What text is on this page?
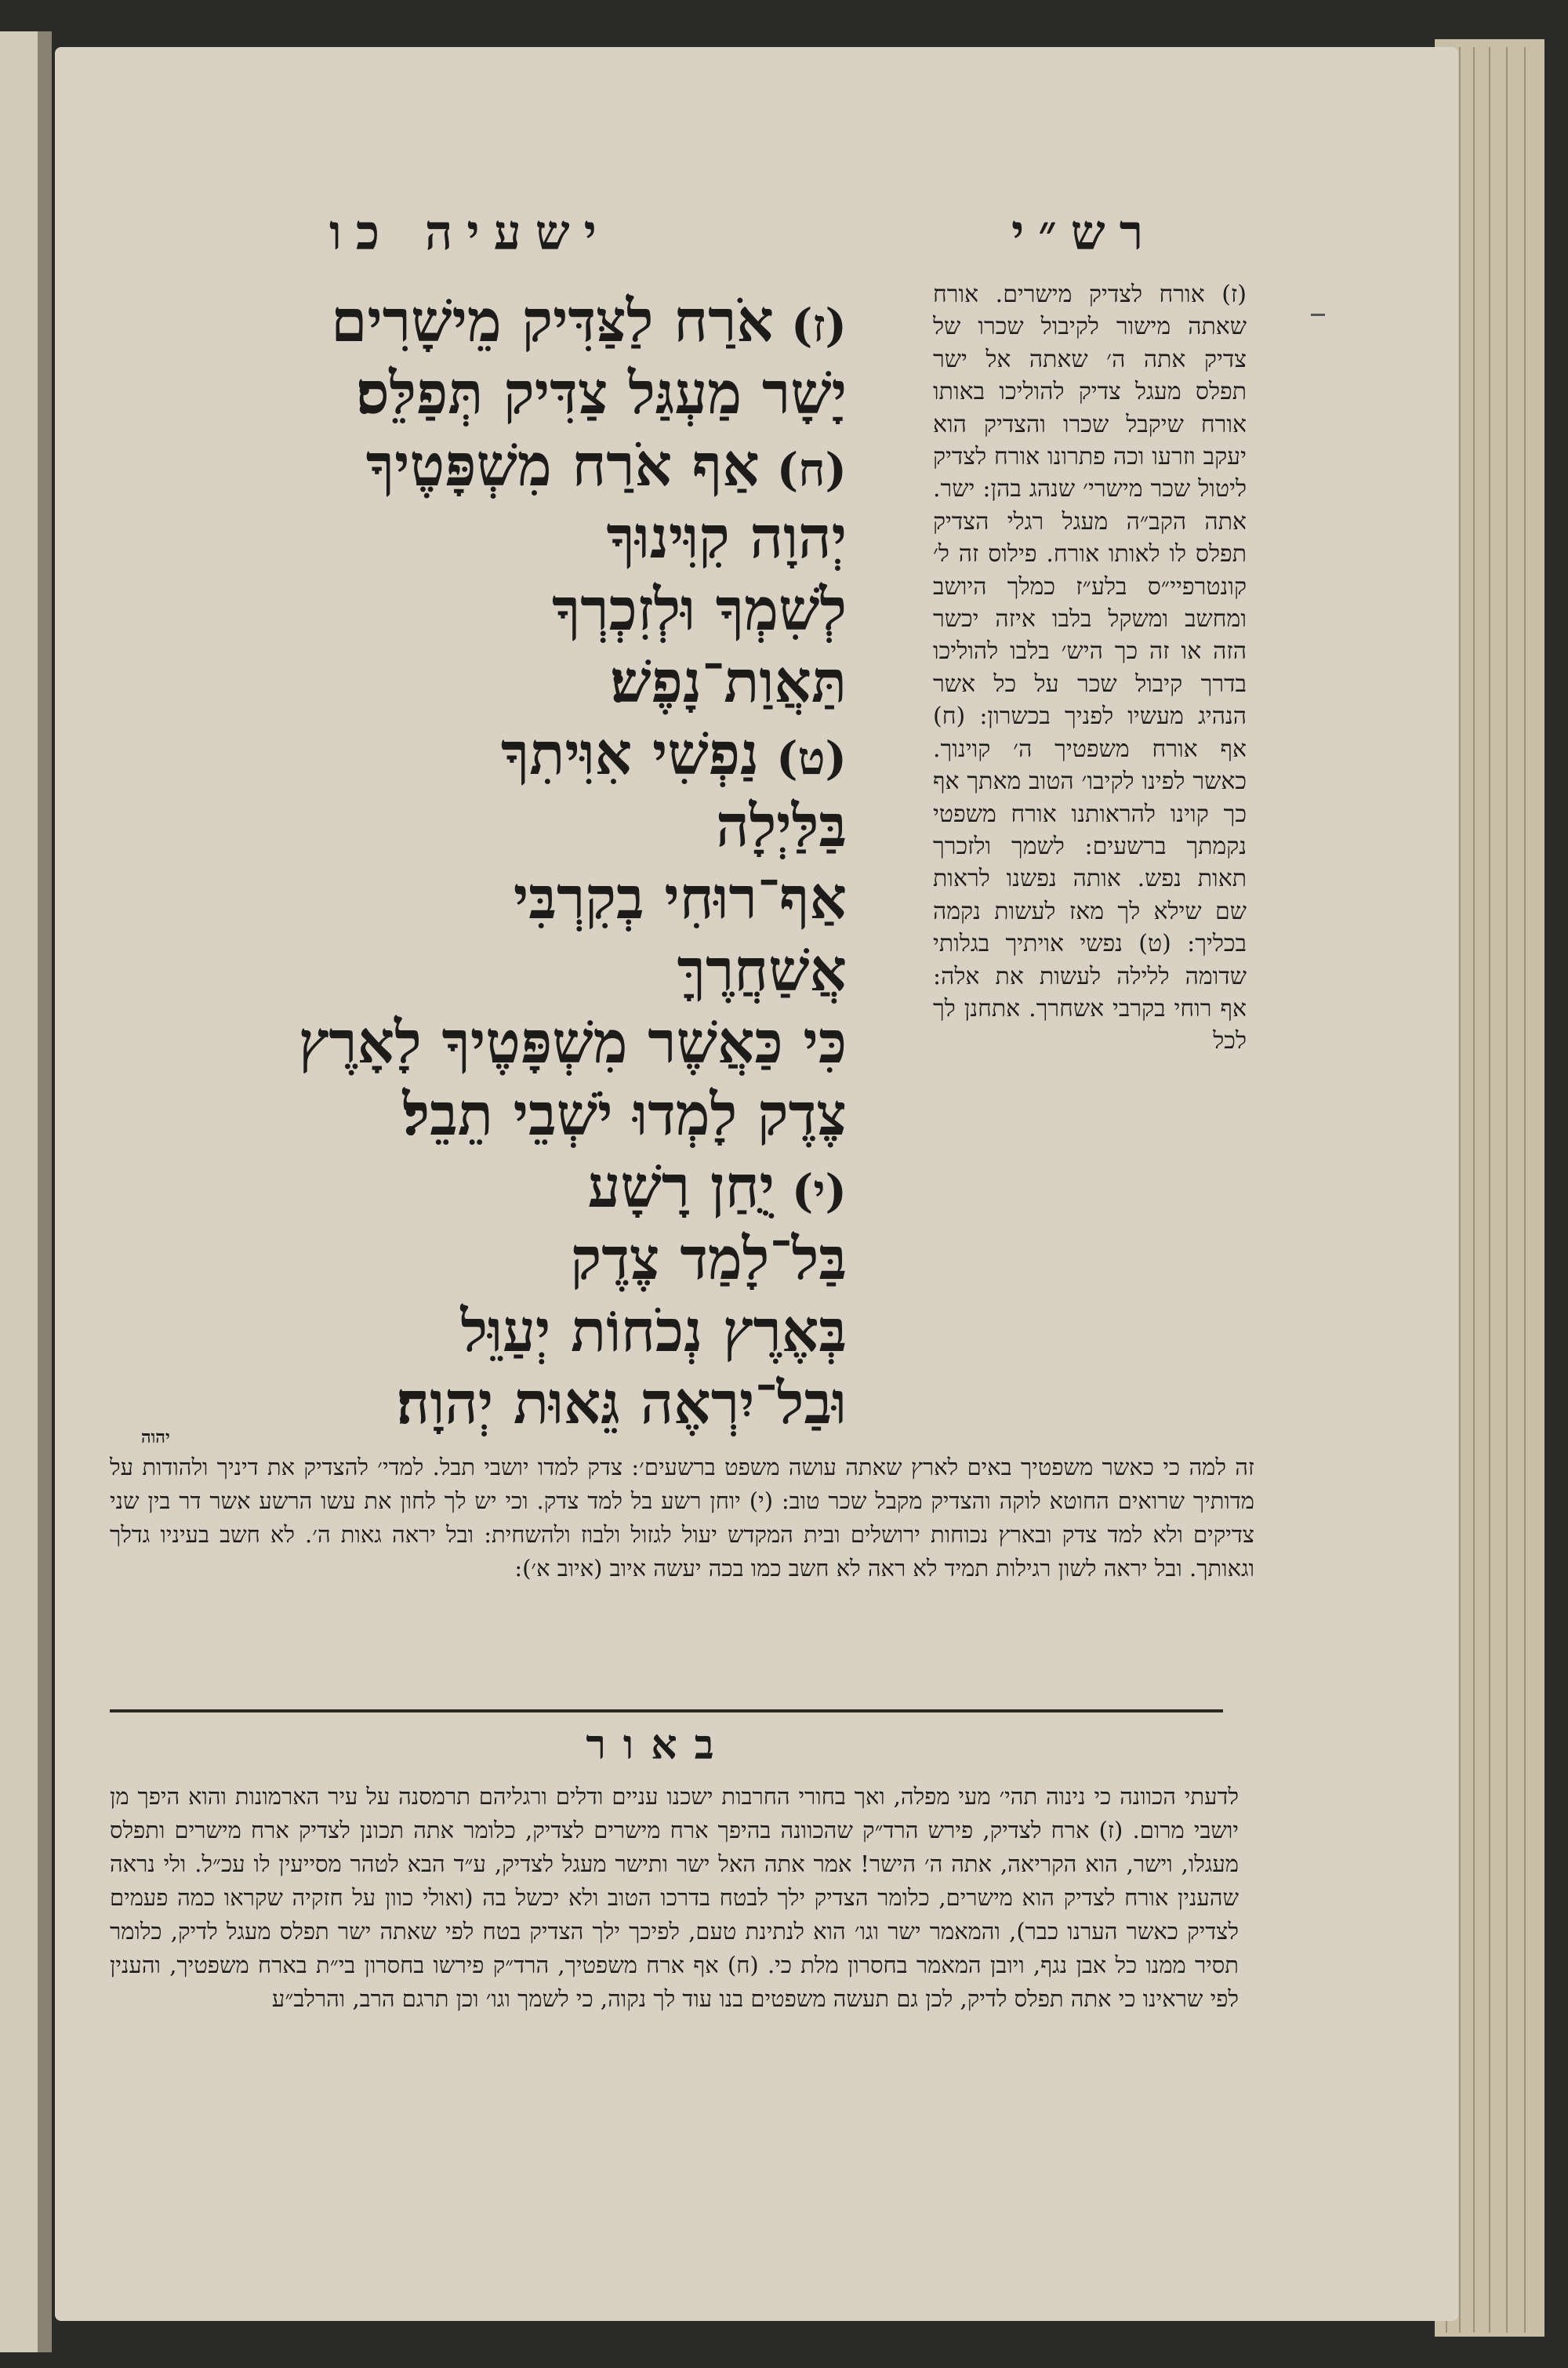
רש״י
ישעיה כו
(ז)אֹרַח לַצַּדִּיק מֵישָׁרִים
יָשָׁר מַעְגַּל צַדִּיק תְּפַלֵּס׃
(ח)אַף אֹרַח מִשְׁפָּטֶיךָ
יְהוָה קִוִּינוּךָ
לְשִׁמְךָ וּלְזִכְרְךָ
תַּאֲוַת־נָפֶשׁ׃
(ט)נַפְשִׁי אִוִּיתִךָ
בַּלַּיְלָה
אַף־רוּחִי בְקִרְבִּי
אֲשַׁחֲרֶךָּ
כִּי כַּאֲשֶׁר מִשְׁפָּטֶיךָ לָאָרֶץ
צֶדֶק לָמְדוּ יֹשְׁבֵי תֵבֵל׃
(י)יֻחַן רָשָׁע
בַּל־לָמַד צֶדֶק
בְּאֶרֶץ נְכֹחוֹת יְעַוֵּל
וּבַל־יִרְאֶה גֵּאוּת יְהוָה׃

(ז) אורח לצדיק מישרים. אורח שאתה מישור לקיבול שכרו של צדיק אתה ה׳ שאתה אל ישר תפלס מעגל צדיק להוליכו באותו אורח שיקבל שכרו והצדיק הוא יעקב וזרעו וכה פתרונו אורח לצדיק ליטול שכר מישרי׳ שנהג בהן: ישר. אתה הקב״ה מעגל רגלי הצדיק תפלס לו לאותו אורח. פילוס זה ל׳ קונטרפיי״ס בלע״ז כמלך היושב ומחשב ומשקל בלבו איזה יכשר הזה או זה כך היש׳ בלבו להוליכו בדרך קיבול שכר על כל אשר הנהיג מעשיו לפניך בכשרון: (ח) אף אורח משפטיך ה׳ קוינוך. כאשר לפינו לקיבו׳ הטוב מאתך אף כך קוינו להראותנו אורח משפטי נקמתך ברשעים: לשמך ולזכרך תאות נפש. אותה נפשנו לראות שם שילא לך מאז לעשות נקמה בכליך: (ט) נפשי אויתיך בגלותי שדומה ללילה לעשות את אלה: אף רוחי בקרבי אשחרך. אתחנן לך לכל

יהוה

זה למה כי כאשר משפטיך באים לארץ שאתה עושה משפט ברשעים׳: צדק למדו יושבי תבל. למדי׳ להצדיק את דיניך ולהודות על מדותיך שרואים החוטא לוקה והצדיק מקבל שכר טוב: (י) יוחן רשע בל למד צדק. וכי יש לך לחון את עשו הרשע אשר דר בין שני צדיקים ולא למד צדק ובארץ נכוחות ירושלים ובית המקדש יעול לגזול ולבוז ולהשחית: ובל יראה גאות ה׳. לא חשב בעיניו גדלך וגאותך. ובל יראה לשון רגילות תמיד לא ראה לא חשב כמו בכה יעשה איוב (איוב א׳):

באור

לדעתי הכוונה כי נינוה תהי׳ מעי מפלה, ואך בחורי החרבות ישכנו עניים ודלים ורגליהם תרמסנה על עיר הארמונות והוא היפך מן יושבי מרום. (ז) ארח לצדיק, פירש הרד״ק שהכוונה בהיפך ארח מישרים לצדיק, כלומר אתה תכונן לצדיק ארח מישרים ותפלס מעגלו, וישר, הוא הקריאה, אתה ה׳ הישר! אמר אתה האל ישר ותישר מעגל לצדיק, ע״ד הבא לטהר מסייעין לו עכ״ל. ולי נראה שהענין אורח לצדיק הוא מישרים, כלומר הצדיק ילך לבטח בדרכו הטוב ולא יכשל בה (ואולי כוון על חזקיה שקראו כמה פעמים לצדיק כאשר הערנו כבר), והמאמר ישר וגו׳ הוא לנתינת טעם, לפיכך ילך הצדיק בטח לפי שאתה ישר תפלס מעגל לדיק, כלומר תסיר ממנו כל אבן נגף, ויובן המאמר בחסרון מלת כי. (ח) אף ארח משפטיך, הרד״ק פירשו בחסרון בי״ת בארח משפטיך, והענין לפי שראינו כי אתה תפלס לדיק, לכן גם תעשה משפטים בנו עוד לך נקוה, כי לשמך וגו׳ וכן תרגם הרב, והרלב״ע
